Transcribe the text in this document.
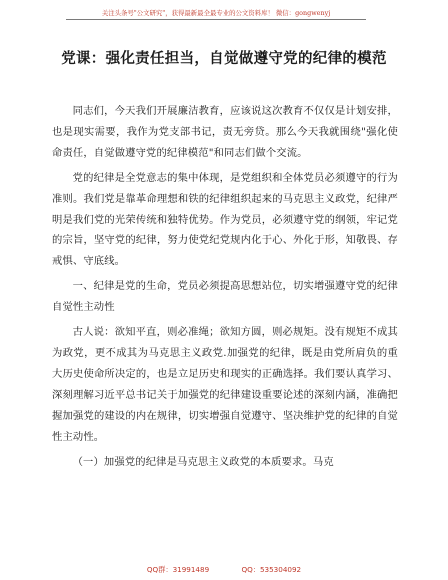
关注头条号"公文研究"，获得最新最全最专业的公文资料库！ 微信：gongwenyj
党课：强化责任担当，自觉做遵守党的纪律的模范

同志们，今天我们开展廉洁教育，应该说这次教育不仅仅是计划安排，也是现实需要，我作为党支部书记，责无旁贷。那么今天我就围绕"强化使命责任，自觉做遵守党的纪律模范"和同志们做个交流。

党的纪律是全党意志的集中体现，是党组织和全体党员必须遵守的行为准则。我们党是靠革命理想和铁的纪律组织起来的马克思主义政党，纪律严明是我们党的光荣传统和独特优势。作为党员，必须遵守党的纲领，牢记党的宗旨，坚守党的纪律，努力使党纪党规内化于心、外化于形，知敬畏、存戒惧、守底线。

一、纪律是党的生命，党员必须提高思想站位，切实增强遵守党的纪律自觉性主动性

古人说：欲知平直，则必准绳；欲知方圆，则必规矩。没有规矩不成其为政党，更不成其为马克思主义政党.加强党的纪律，既是由党所肩负的重大历史使命所决定的，也是立足历史和现实的正确选择。我们要认真学习、深刻理解习近平总书记关于加强党的纪律建设重要论述的深刻内涵，准确把握加强党的建设的内在规律，切实增强自觉遵守、坚决维护党的纪律的自觉性主动性。

（一）加强党的纪律是马克思主义政党的本质要求。马克

QQ群：31991489	QQ：535304092
